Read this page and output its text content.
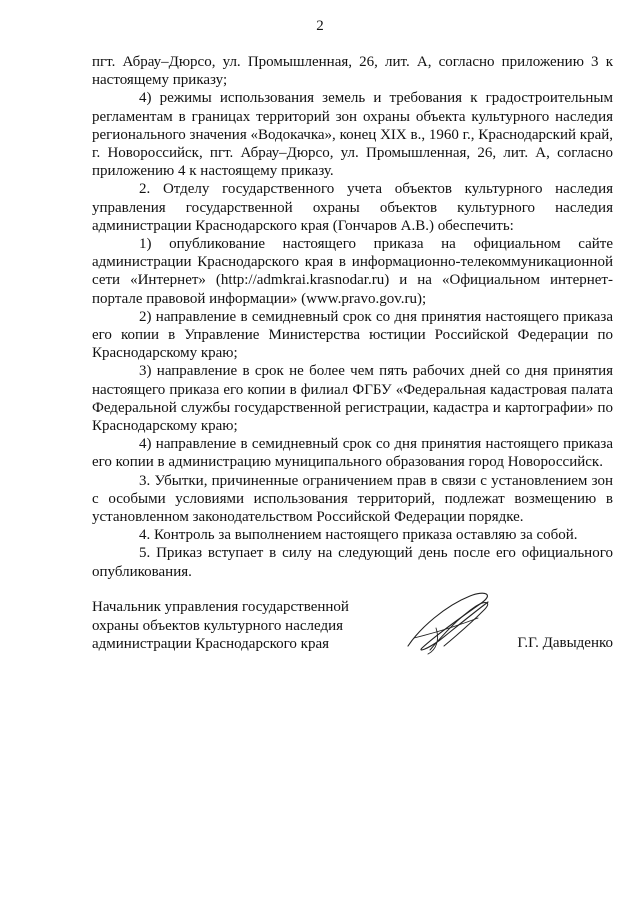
2

пгт. Абрау–Дюрсо, ул. Промышленная, 26, лит. А, согласно приложению 3 к настоящему приказу;

4) режимы использования земель и требования к градостроительным регламентам в границах территорий зон охраны объекта культурного наследия регионального значения «Водокачка», конец XIX в., 1960 г., Краснодарский край, г. Новороссийск, пгт. Абрау–Дюрсо, ул. Промышленная, 26, лит. А, согласно приложению 4 к настоящему приказу.

2. Отделу государственного учета объектов культурного наследия управления государственной охраны объектов культурного наследия администрации Краснодарского края (Гончаров А.В.) обеспечить:

1) опубликование настоящего приказа на официальном сайте администрации Краснодарского края в информационно-телекоммуникационной сети «Интернет» (http://admkrai.krasnodar.ru) и на «Официальном интернет-портале правовой информации» (www.pravo.gov.ru);

2) направление в семидневный срок со дня принятия настоящего приказа его копии в Управление Министерства юстиции Российской Федерации по Краснодарскому краю;

3) направление в срок не более чем пять рабочих дней со дня принятия настоящего приказа его копии в филиал ФГБУ «Федеральная кадастровая палата Федеральной службы государственной регистрации, кадастра и картографии» по Краснодарскому краю;

4) направление в семидневный срок со дня принятия настоящего приказа его копии в администрацию муниципального образования город Новороссийск.

3. Убытки, причиненные ограничением прав в связи с установлением зон с особыми условиями использования территорий, подлежат возмещению в установленном законодательством Российской Федерации порядке.

4. Контроль за выполнением настоящего приказа оставляю за собой.

5. Приказ вступает в силу на следующий день после его официального опубликования.

Начальник управления государственной
охраны объектов культурного наследия
администрации Краснодарского края	Г.Г. Давыденко
